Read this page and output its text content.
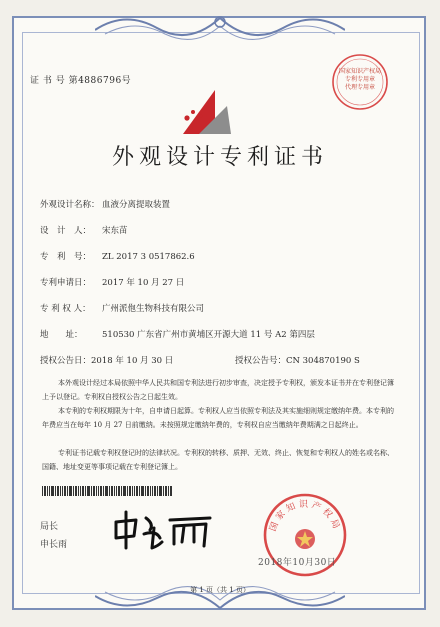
证 书 号 第4886796号
国家知识产权局
专利专用章
代理专用章
外观设计专利证书
外观设计名称： 血液分离提取装置
设　计　人： 宋东苗
专　利　号： ZL 2017 3 0517862.6
专利申请日： 2017 年 10 月 27 日
专 利 权 人： 广州派佨生物科技有限公司
地　　址： 510530 广东省广州市黄埔区开源大道 11 号 A2 第四层
授权公告日：2018 年 10 月 30 日	授权公告号：CN 304870190 S
本外观设计经过本局依照中华人民共和国专利法进行初步审查，决定授予专利权，颁发本证书并在专利登记簿上予以登记。专利权自授权公告之日起生效。
本专利的专利权期限为十年，自申请日起算。专利权人应当依照专利法及其实施细则规定缴纳年费。本专利的年费应当在每年 10 月 27 日前缴纳。未按照规定缴纳年费的，专利权自应当缴纳年费期满之日起终止。
专利证书记载专利权登记时的法律状况。专利权的转移、质押、无效、终止、恢复和专利权人的姓名或名称、国籍、地址变更等事项记载在专利登记簿上。
局长
申长雨
国家知识产权局
2018年10月30日
第 1 页（共 1 页）
